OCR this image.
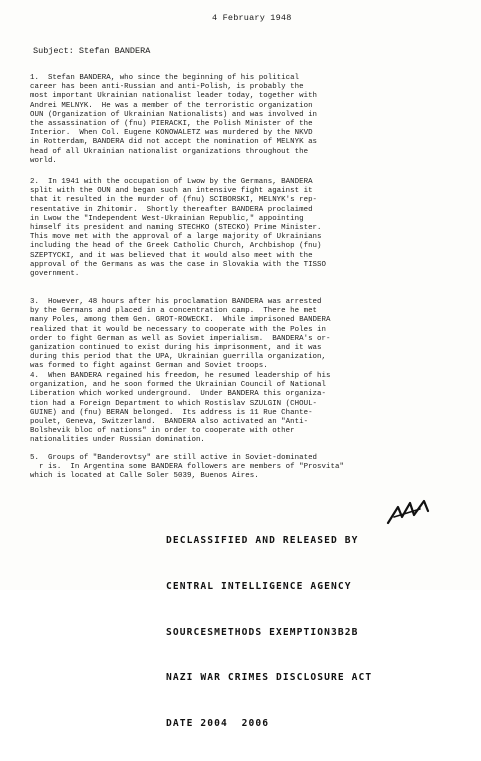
4 February 1948
Subject: Stefan BANDERA
1.  Stefan BANDERA, who since the beginning of his political
career has been anti-Russian and anti-Polish, is probably the
most important Ukrainian nationalist leader today, together with
Andrei MELNYK.  He was a member of the terroristic organization
OUN (Organization of Ukrainian Nationalists) and was involved in
the assassination of (fnu) PIERACKI, the Polish Minister of the
Interior.  When Col. Eugene KONOWALETZ was murdered by the NKVD
in Rotterdam, BANDERA did not accept the nomination of MELNYK as
head of all Ukrainian nationalist organizations throughout the
world.
2.  In 1941 with the occupation of Lwow by the Germans, BANDERA
split with the OUN and began such an intensive fight against it
that it resulted in the murder of (fnu) SCIBORSKI, MELNYK's rep-
resentative in Zhitomir.  Shortly thereafter BANDERA proclaimed
in Lwow the "Independent West-Ukrainian Republic," appointing
himself its president and naming STECHKO (STECKO) Prime Minister.
This move met with the approval of a large majority of Ukrainians
including the head of the Greek Catholic Church, Archbishop (fnu)
SZEPTYCKI, and it was believed that it would also meet with the
approval of the Germans as was the case in Slovakia with the TISSO
government.
3.  However, 48 hours after his proclamation BANDERA was arrested
by the Germans and placed in a concentration camp.  There he met
many Poles, among them Gen. GROT-ROWECKI.  While imprisoned BANDERA
realized that it would be necessary to cooperate with the Poles in
order to fight German as well as Soviet imperialism.  BANDERA's or-
ganization continued to exist during his imprisonment, and it was
during this period that the UPA, Ukrainian guerrilla organization,
was formed to fight against German and Soviet troops.
4.  When BANDERA regained his freedom, he resumed leadership of his
organization, and he soon formed the Ukrainian Council of National
Liberation which worked underground.  Under BANDERA this organiza-
tion had a Foreign Department to which Rostislav SZULGIN (CHOUL-
GUINE) and (fnu) BERAN belonged.  Its address is 11 Rue Chante-
poulet, Geneva, Switzerland.  BANDERA also activated an "Anti-
Bolshevik bloc of nations" in order to cooperate with other
nationalities under Russian domination.
5.  Groups of "Banderovtsy" are still active in Soviet-dominated
r is.  In Argentina some BANDERA followers are members of "Prosvita"
which is located at Calle Soler 5039, Buenos Aires.

DECLASSIFIED AND RELEASED BY

CENTRAL INTELLIGENCE AGENCY

SOURCESMETHODS EXEMPTION3B2B

NAZI WAR CRIMES DISCLOSURE ACT

DATE 2004  2006
